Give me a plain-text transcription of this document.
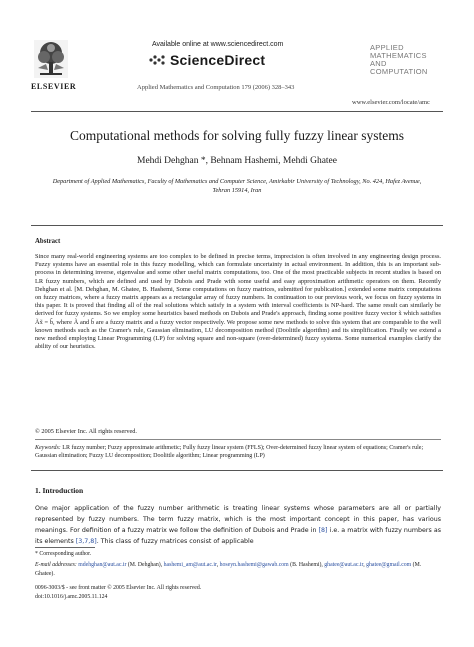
ELSEVIER
Available online at www.sciencedirect.com
ScienceDirect
Applied Mathematics and Computation 179 (2006) 328–343
APPLIED
MATHEMATICS
AND
COMPUTATION
www.elsevier.com/locate/amc
Computational methods for solving fully fuzzy linear systems
Mehdi Dehghan *, Behnam Hashemi, Mehdi Ghatee
Department of Applied Mathematics, Faculty of Mathematics and Computer Science, Amirkabir University of Technology, No. 424, Hafez Avenue, Tehran 15914, Iran
Abstract
Since many real-world engineering systems are too complex to be defined in precise terms, imprecision is often involved in any engineering design process. Fuzzy systems have an essential role in this fuzzy modelling, which can formulate uncertainty in actual environment. In addition, this is an important sub-process in determining inverse, eigenvalue and some other useful matrix computations, too. One of the most practicable subjects in recent studies is based on LR fuzzy numbers, which are defined and used by Dubois and Prade with some useful and easy approximation arithmetic operators on them. Recently Dehghan et al. [M. Dehghan, M. Ghatee, B. Hashemi, Some computations on fuzzy matrices, submitted for publication.] extended some matrix computations on fuzzy matrices, where a fuzzy matrix appears as a rectangular array of fuzzy numbers. In continuation to our previous work, we focus on fuzzy systems in this paper. It is proved that finding all of the real solutions which satisfy in a system with interval coefficients is NP-hard. The same result can similarly be derived for fuzzy systems. So we employ some heuristics based methods on Dubois and Prade's approach, finding some positive fuzzy vector x̃ which satisfies Ãx̃ = b̃, where Ã and b̃ are a fuzzy matrix and a fuzzy vector respectively. We propose some new methods to solve this system that are comparable to the well known methods such as the Cramer's rule, Gaussian elimination, LU decomposition method (Doolittle algorithm) and its simplification. Finally we extend a new method employing Linear Programming (LP) for solving square and non-square (over-determined) fuzzy systems. Some numerical examples clarify the ability of our heuristics.
© 2005 Elsevier Inc. All rights reserved.
Keywords: LR fuzzy number; Fuzzy approximate arithmetic; Fully fuzzy linear system (FFLS); Over-determined fuzzy linear system of equations; Cramer's rule; Gaussian elimination; Fuzzy LU decomposition; Doolittle algorithm; Linear programming (LP)
1. Introduction
One major application of the fuzzy number arithmetic is treating linear systems whose parameters are all or partially represented by fuzzy numbers. The term fuzzy matrix, which is the most important concept in this paper, has various meanings. For definition of a fuzzy matrix we follow the definition of Dubois and Prade in [8] i.e. a matrix with fuzzy numbers as its elements [3,7,8]. This class of fuzzy matrices consist of applicable
* Corresponding author.
E-mail addresses: mdehghan@aut.ac.ir (M. Dehghan), hashemi_am@aut.ac.ir, hoseyn.hashemi@gawab.com (B. Hashemi), ghatee@aut.ac.ir, ghatee@gmail.com (M. Ghatee).
0096-3003/$ - see front matter © 2005 Elsevier Inc. All rights reserved.
doi:10.1016/j.amc.2005.11.124
